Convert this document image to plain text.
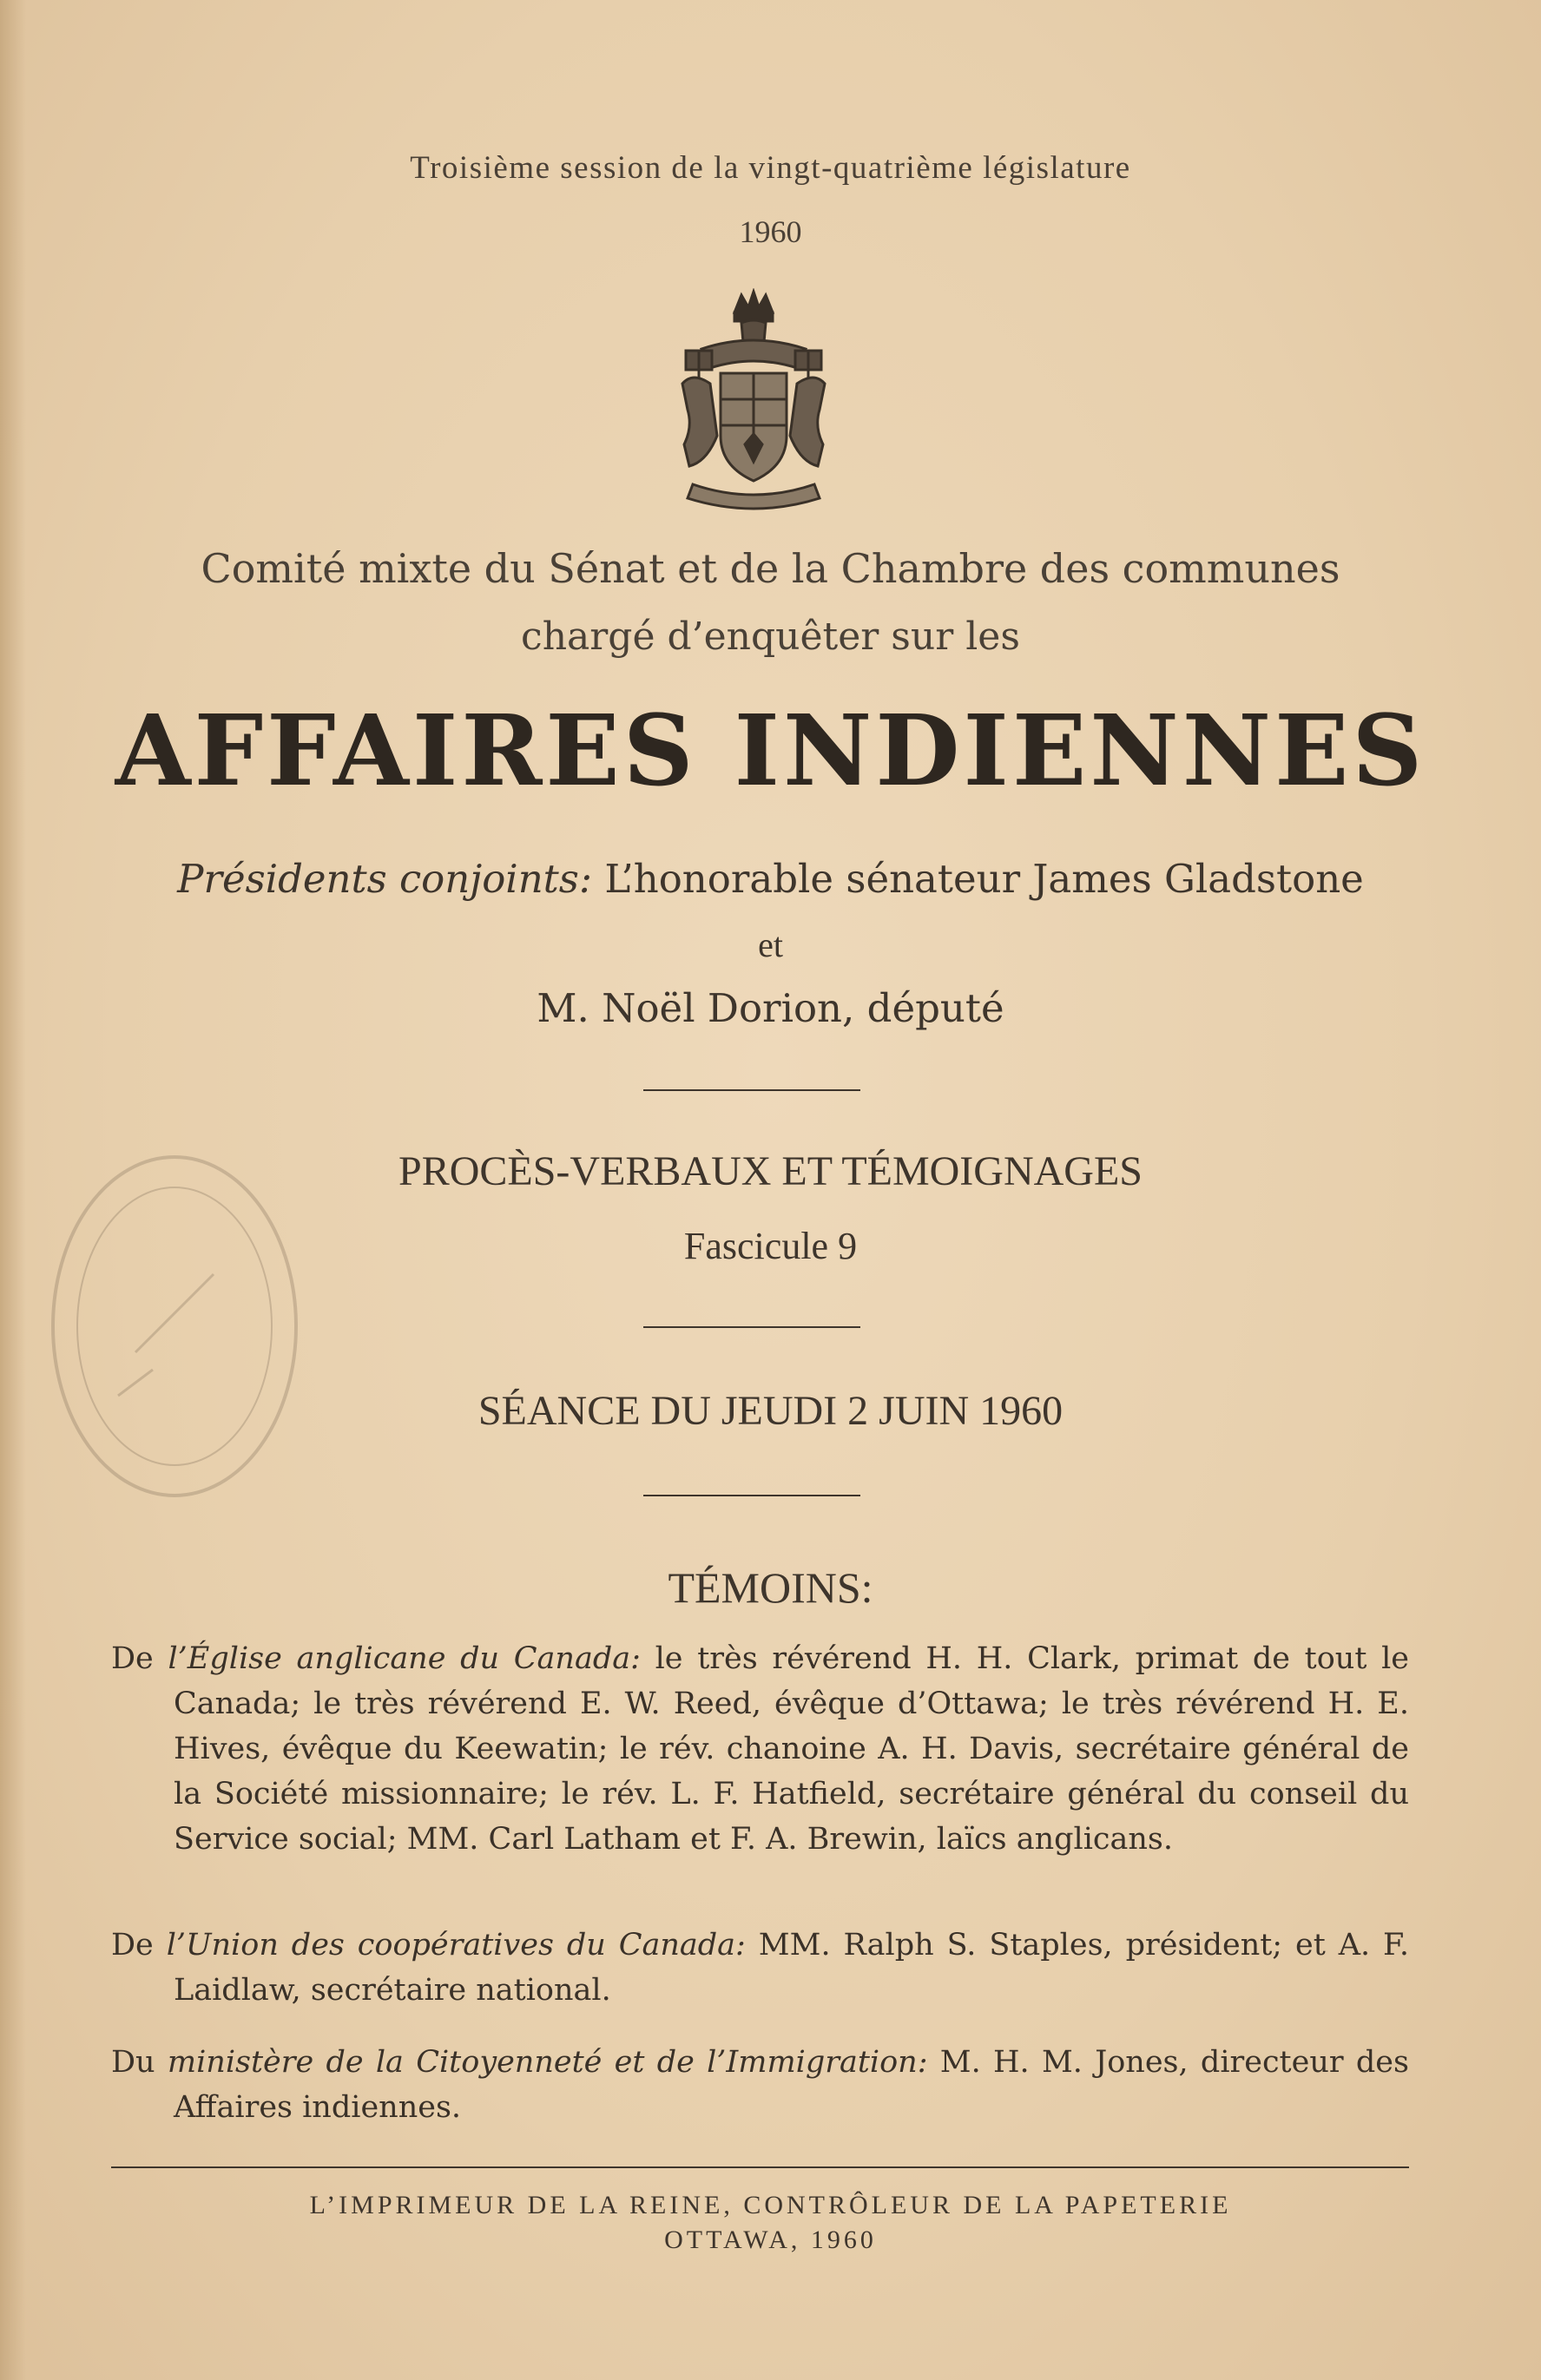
Troisième session de la vingt-quatrième législature
1960
Comité mixte du Sénat et de la Chambre des communes
chargé d’enquêter sur les
AFFAIRES INDIENNES
Présidents conjoints: L’honorable sénateur James Gladstone
et
M. Noël Dorion, député
PROCÈS-VERBAUX ET TÉMOIGNAGES
Fascicule 9
SÉANCE DU JEUDI 2 JUIN 1960
TÉMOINS:
De l’Église anglicane du Canada: le très révérend H. H. Clark, primat de tout le Canada; le très révérend E. W. Reed, évêque d’Ottawa; le très révérend H. E. Hives, évêque du Keewatin; le rév. chanoine A. H. Davis, secrétaire général de la Société missionnaire; le rév. L. F. Hatfield, secrétaire général du conseil du Service social; MM. Carl Latham et F. A. Brewin, laïcs anglicans.
De l’Union des coopératives du Canada: MM. Ralph S. Staples, président; et A. F. Laidlaw, secrétaire national.
Du ministère de la Citoyenneté et de l’Immigration: M. H. M. Jones, directeur des Affaires indiennes.
L’IMPRIMEUR DE LA REINE, CONTRÔLEUR DE LA PAPETERIE
OTTAWA, 1960
